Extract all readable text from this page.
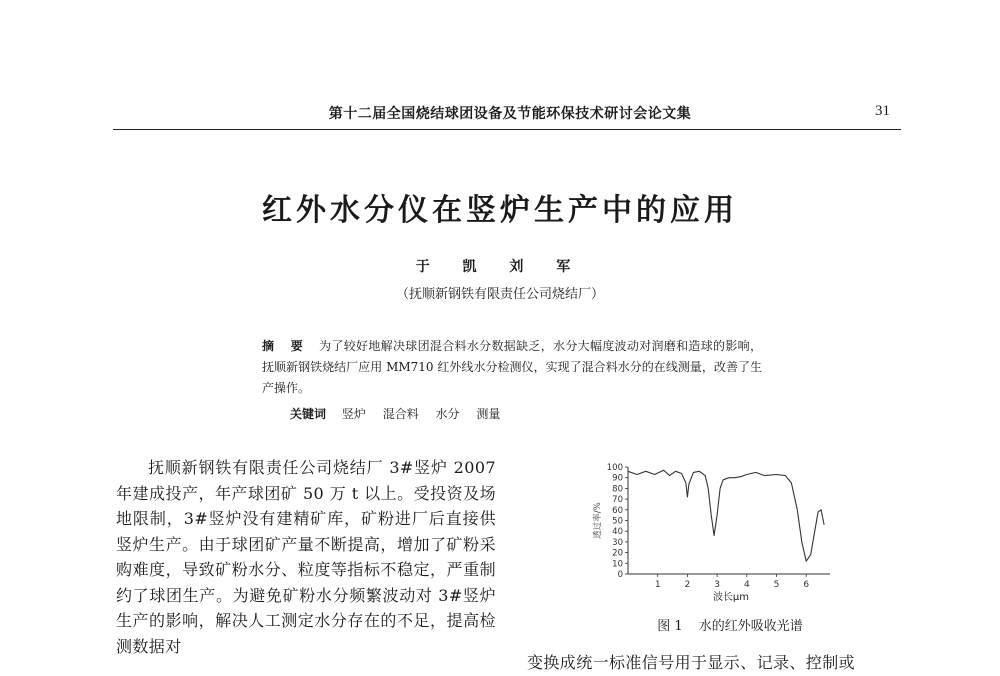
第十二届全国烧结球团设备及节能环保技术研讨会论文集	31
红外水分仪在竖炉生产中的应用
于 凯 刘 军
（抚顺新钢铁有限责任公司烧结厂）
摘 要 为了较好地解决球团混合料水分数据缺乏，水分大幅度波动对润磨和造球的影响，抚顺新钢铁烧结厂应用 MM710 红外线水分检测仪，实现了混合料水分的在线测量，改善了生产操作。
关键词 竖炉 混合料 水分 测量

抚顺新钢铁有限责任公司烧结厂 3#竖炉 2007 年建成投产，年产球团矿 50 万 t 以上。受投资及场地限制，3#竖炉没有建精矿库，矿粉进厂后直接供竖炉生产。由于球团矿产量不断提高，增加了矿粉采购难度，导致矿粉水分、粒度等指标不稳定，严重制约了球团生产。为避免矿粉水分频繁波动对 3#竖炉生产的影响，解决人工测定水分存在的不足，提高检测数据对

0
10
20
30
40
50
60
70
80
90
100
1	2	3	4	5	6
波长μm
透过率/%
图 1 水的红外吸收光谱
变换成统一标准信号用于显示、记录、控制或
